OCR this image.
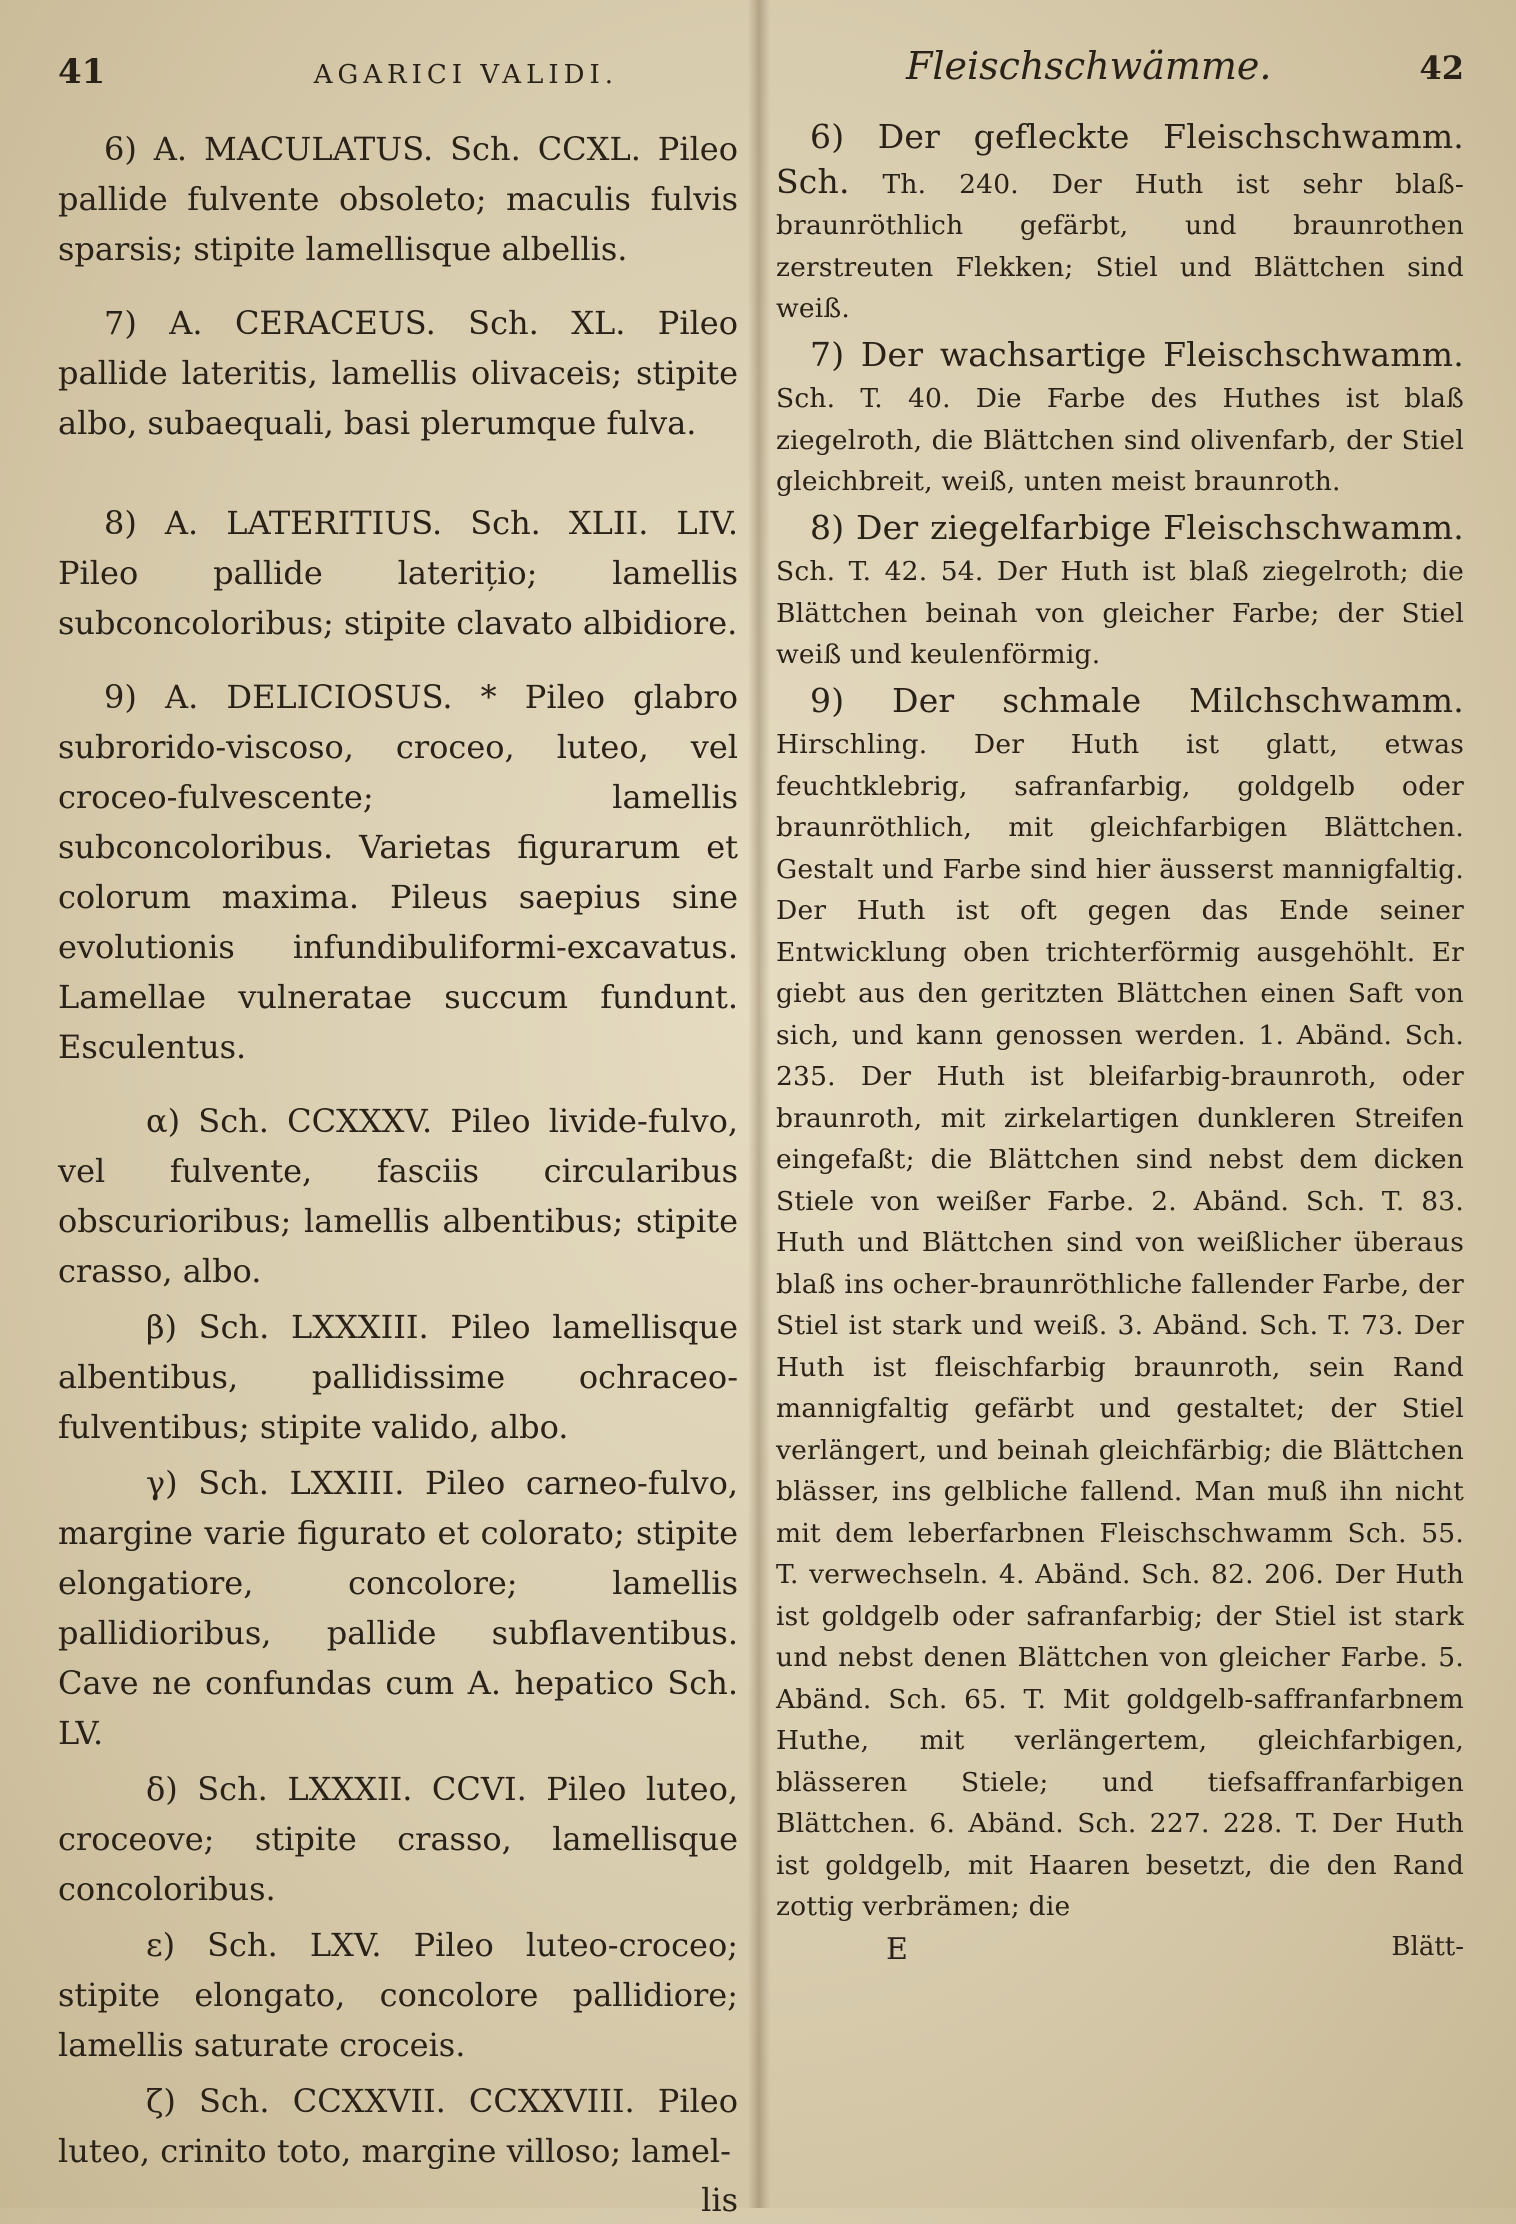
41	AGARICI VALIDI.

6) A. MACULATUS. Sch. CCXL. Pileo pallide fulvente obsoleto; maculis fulvis sparsis; stipite lamellisque albellis.

7) A. CERACEUS. Sch. XL. Pileo pallide lateritis, lamellis olivaceis; stipite albo, subaequali, basi plerumque fulva.

8) A. LATERITIUS. Sch. XLII. LIV. Pileo pallide laterițio; lamellis subconcoloribus; stipite clavato albidiore.

9) A. DELICIOSUS. * Pileo glabro subrorido-viscoso, croceo, luteo, vel croceo-fulvescente; lamellis subconcoloribus. Varietas figurarum et colorum maxima. Pileus saepius sine evolutionis infundibuliformi-excavatus. Lamellae vulneratae succum fundunt. Esculentus.

α) Sch. CCXXXV. Pileo livide-fulvo, vel fulvente, fasciis circularibus obscurioribus; lamellis albentibus; stipite crasso, albo.

β) Sch. LXXXIII. Pileo lamellisque albentibus, pallidissime ochraceo-fulventibus; stipite valido, albo.

γ) Sch. LXXIII. Pileo carneo-fulvo, margine varie figurato et colorato; stipite elongatiore, concolore; lamellis pallidioribus, pallide subflaventibus. Cave ne confundas cum A. hepatico Sch. LV.

δ) Sch. LXXXII. CCVI. Pileo luteo, croceove; stipite crasso, lamellisque concoloribus.

ε) Sch. LXV. Pileo luteo-croceo; stipite elongato, concolore pallidiore; lamellis saturate croceis.

ζ) Sch. CCXXVII. CCXXVIII. Pileo luteo, crinito toto, margine villoso; lamel-

lis
Fleischschwämme.	42

6) Der gefleckte Fleischschwamm. Sch. Th. 240. Der Huth ist sehr blaß-braunröthlich gefärbt, und braunrothen zerstreuten Flekken; Stiel und Blättchen sind weiß.

7) Der wachsartige Fleischschwamm. Sch. T. 40. Die Farbe des Huthes ist blaß ziegelroth, die Blättchen sind olivenfarb, der Stiel gleichbreit, weiß, unten meist braunroth.

8) Der ziegelfarbige Fleischschwamm. Sch. T. 42. 54. Der Huth ist blaß ziegelroth; die Blättchen beinah von gleicher Farbe; der Stiel weiß und keulenförmig.

9) Der schmale Milchschwamm. Hirschling. Der Huth ist glatt, etwas feuchtklebrig, safranfarbig, goldgelb oder braunröthlich, mit gleichfarbigen Blättchen. Gestalt und Farbe sind hier äusserst mannigfaltig. Der Huth ist oft gegen das Ende seiner Entwicklung oben trichterförmig ausgehöhlt. Er giebt aus den geritzten Blättchen einen Saft von sich, und kann genossen werden. 1. Abänd. Sch. 235. Der Huth ist bleifarbig-braunroth, oder braunroth, mit zirkelartigen dunkleren Streifen eingefaßt; die Blättchen sind nebst dem dicken Stiele von weißer Farbe. 2. Abänd. Sch. T. 83. Huth und Blättchen sind von weißlicher überaus blaß ins ocher-braunröthliche fallender Farbe, der Stiel ist stark und weiß. 3. Abänd. Sch. T. 73. Der Huth ist fleischfarbig braunroth, sein Rand mannigfaltig gefärbt und gestaltet; der Stiel verlängert, und beinah gleichfärbig; die Blättchen blässer, ins gelbliche fallend. Man muß ihn nicht mit dem leberfarbnen Fleischschwamm Sch. 55. T. verwechseln. 4. Abänd. Sch. 82. 206. Der Huth ist goldgelb oder safranfarbig; der Stiel ist stark und nebst denen Blättchen von gleicher Farbe. 5. Abänd. Sch. 65. T. Mit goldgelb-saffranfarbnem Huthe, mit verlängertem, gleichfarbigen, blässeren Stiele; und tiefsaffranfarbigen Blättchen. 6. Abänd. Sch. 227. 228. T. Der Huth ist goldgelb, mit Haaren besetzt, die den Rand zottig verbrämen; die

E	Blätt-
